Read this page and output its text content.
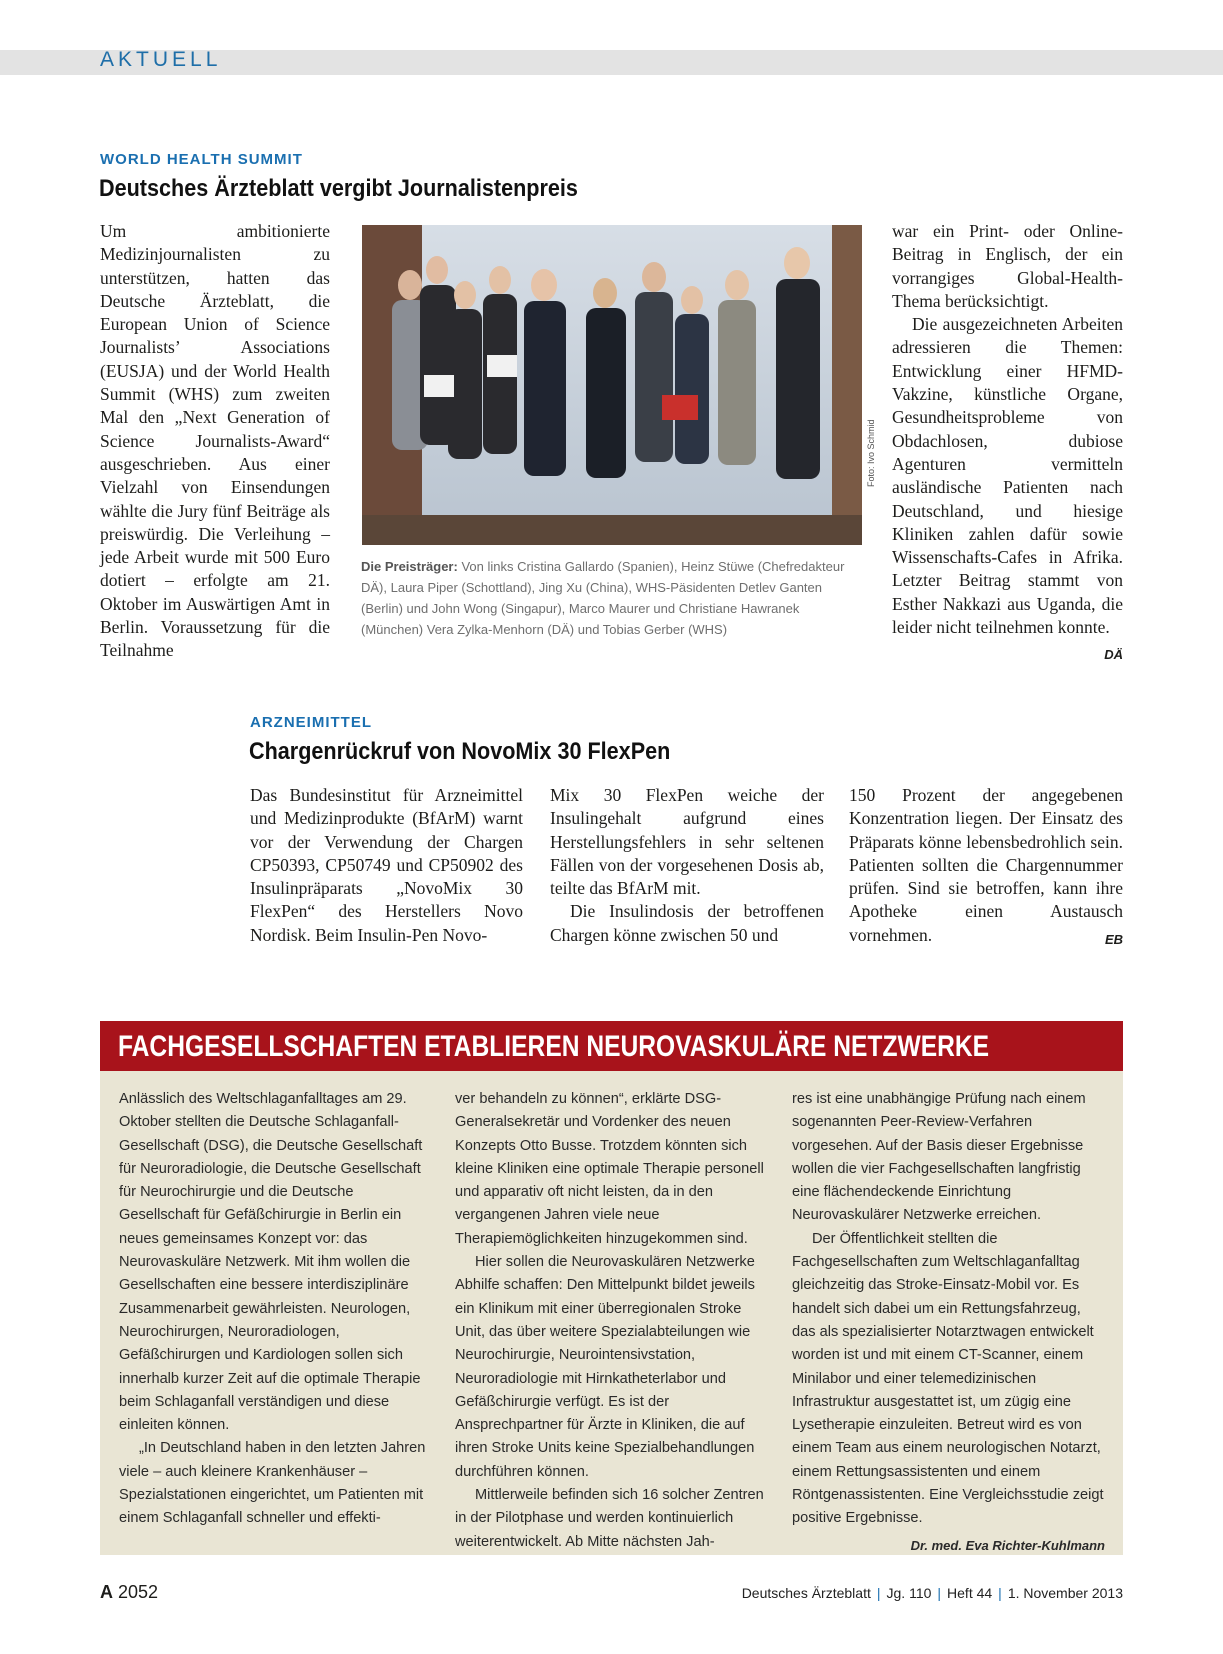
AKTUELL
WORLD HEALTH SUMMIT
Deutsches Ärzteblatt vergibt Journalistenpreis

Um ambitionierte Medizinjournalisten zu unterstützen, hatten das Deutsche Ärzteblatt, die European Union of Science Journalists’ Associations (EUSJA) und der World Health Summit (WHS) zum zweiten Mal den „Next Generation of Science Journalists-Award“ ausgeschrieben. Aus einer Vielzahl von Einsendungen wählte die Jury fünf Beiträge als preiswürdig. Die Verleihung – jede Arbeit wurde mit 500 Euro dotiert – erfolgte am 21. Oktober im Auswärtigen Amt in Berlin. Voraussetzung für die Teilnahme

Foto: Ivo Schmid
Die Preisträger: Von links Cristina Gallardo (Spanien), Heinz Stüwe (Chefredakteur DÄ), Laura Piper (Schottland), Jing Xu (China), WHS-Päsidenten Detlev Ganten (Berlin) und John Wong (Singapur), Marco Maurer und Christiane Hawranek (München) Vera Zylka-Menhorn (DÄ) und Tobias Gerber (WHS)

war ein Print- oder Online-Beitrag in Englisch, der ein vorrangiges Global-Health-Thema berücksichtigt.

Die ausgezeichneten Arbeiten adressieren die Themen: Entwicklung einer HFMD-Vakzine, künstliche Organe, Gesundheitsprobleme von Obdachlosen, dubiose Agenturen vermitteln ausländische Patienten nach Deutschland, und hiesige Kliniken zahlen dafür sowie Wissenschafts-Cafes in Afrika. Letzter Beitrag stammt von Esther Nakkazi aus Uganda, die leider nicht teilnehmen konnte.
DÄ

ARZNEIMITTEL
Chargenrückruf von NovoMix 30 FlexPen

Das Bundesinstitut für Arzneimittel und Medizinprodukte (BfArM) warnt vor der Verwendung der Chargen CP50393, CP50749 und CP50902 des Insulinpräparats „NovoMix 30 FlexPen“ des Herstellers Novo Nordisk. Beim Insulin-Pen Novo-

Mix 30 FlexPen weiche der Insulingehalt aufgrund eines Herstellungsfehlers in sehr seltenen Fällen von der vorgesehenen Dosis ab, teilte das BfArM mit.

Die Insulindosis der betroffenen Chargen könne zwischen 50 und

150 Prozent der angegebenen Konzentration liegen. Der Einsatz des Präparats könne lebensbedrohlich sein. Patienten sollten die Chargennummer prüfen. Sind sie betroffen, kann ihre Apotheke einen Austausch vornehmen.	EB

FACHGESELLSCHAFTEN ETABLIEREN NEUROVASKULÄRE NETZWERKE

Anlässlich des Weltschlaganfalltages am 29. Oktober stellten die Deutsche Schlaganfall-Gesellschaft (DSG), die Deutsche Gesellschaft für Neuroradiologie, die Deutsche Gesellschaft für Neurochirurgie und die Deutsche Gesellschaft für Gefäßchirurgie in Berlin ein neues gemeinsames Konzept vor: das Neurovaskuläre Netzwerk. Mit ihm wollen die Gesellschaften eine bessere interdisziplinäre Zusammenarbeit gewährleisten. Neurologen, Neurochirurgen, Neuroradiologen, Gefäßchirurgen und Kardiologen sollen sich innerhalb kurzer Zeit auf die optimale Therapie beim Schlaganfall verständigen und diese einleiten können.

„In Deutschland haben in den letzten Jahren viele – auch kleinere Krankenhäuser – Spezialstationen eingerichtet, um Patienten mit einem Schlaganfall schneller und effekti-

ver behandeln zu können“, erklärte DSG-Generalsekretär und Vordenker des neuen Konzepts Otto Busse. Trotzdem könnten sich kleine Kliniken eine optimale Therapie personell und apparativ oft nicht leisten, da in den vergangenen Jahren viele neue Therapiemöglichkeiten hinzugekommen sind.

Hier sollen die Neurovaskulären Netzwerke Abhilfe schaffen: Den Mittelpunkt bildet jeweils ein Klinikum mit einer überregionalen Stroke Unit, das über weitere Spezialabteilungen wie Neurochirurgie, Neurointensivstation, Neuroradiologie mit Hirnkatheterlabor und Gefäßchirurgie verfügt. Es ist der Ansprechpartner für Ärzte in Kliniken, die auf ihren Stroke Units keine Spezialbehandlungen durchführen können.

Mittlerweile befinden sich 16 solcher Zentren in der Pilotphase und werden kontinuierlich weiterentwickelt. Ab Mitte nächsten Jah-

res ist eine unabhängige Prüfung nach einem sogenannten Peer-Review-Verfahren vorgesehen. Auf der Basis dieser Ergebnisse wollen die vier Fachgesellschaften langfristig eine flächendeckende Einrichtung Neurovaskulärer Netzwerke erreichen.

Der Öffentlichkeit stellten die Fachgesellschaften zum Weltschlaganfalltag gleichzeitig das Stroke-Einsatz-Mobil vor. Es handelt sich dabei um ein Rettungsfahrzeug, das als spezialisierter Notarztwagen entwickelt worden ist und mit einem CT-Scanner, einem Minilabor und einer telemedizinischen Infrastruktur ausgestattet ist, um zügig eine Lysetherapie einzuleiten. Betreut wird es von einem Team aus einem neurologischen Notarzt, einem Rettungsassistenten und einem Röntgenassistenten. Eine Vergleichsstudie zeigt positive Ergebnisse.
Dr. med. Eva Richter-Kuhlmann

A 2052	Deutsches Ärzteblatt | Jg. 110 | Heft 44 | 1. November 2013
